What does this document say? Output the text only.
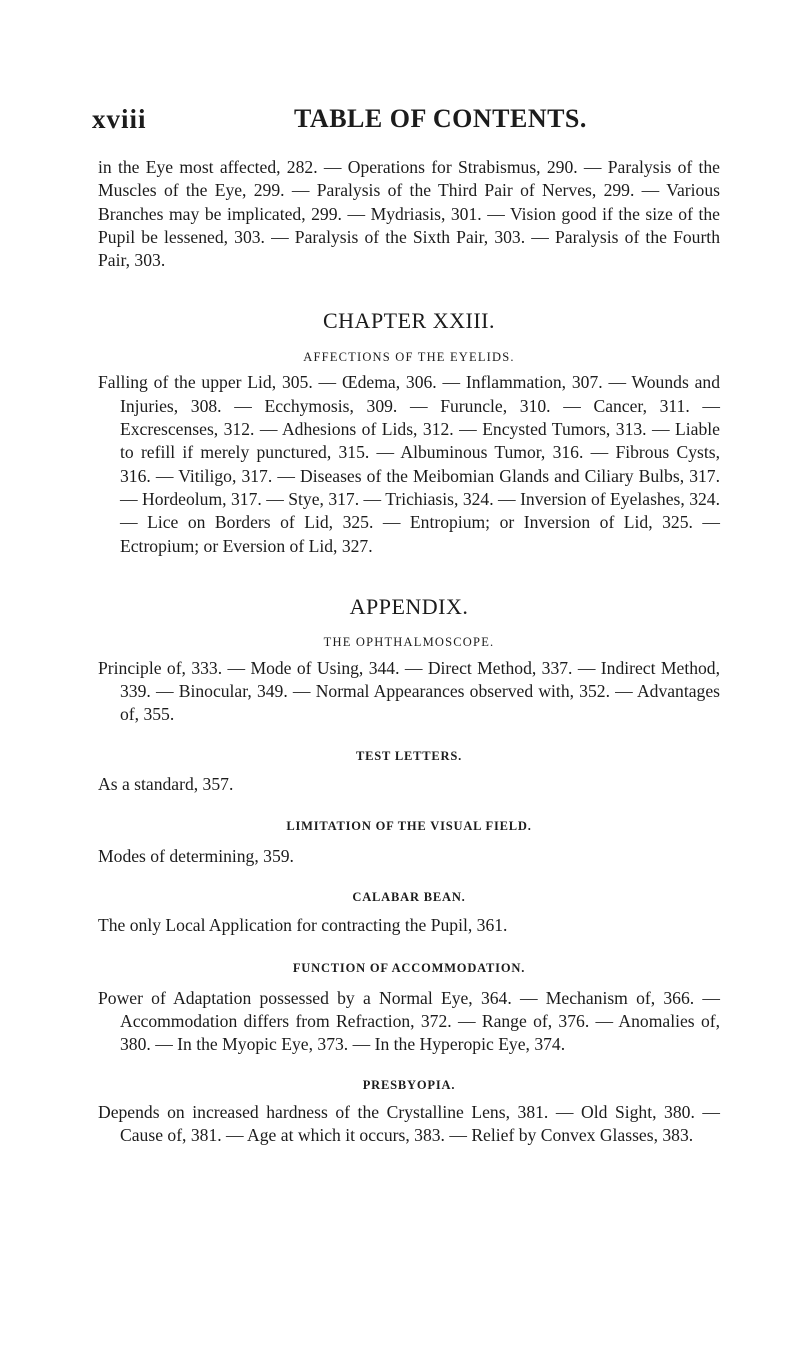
xviii	TABLE OF CONTENTS.

in the Eye most affected, 282. — Operations for Strabismus, 290. — Paralysis of the Muscles of the Eye, 299. — Paralysis of the Third Pair of Nerves, 299. — Various Branches may be implicated, 299. — Mydriasis, 301. — Vision good if the size of the Pupil be lessened, 303. — Paralysis of the Sixth Pair, 303. — Paralysis of the Fourth Pair, 303.

CHAPTER XXIII.
AFFECTIONS OF THE EYELIDS.

Falling of the upper Lid, 305. — Œdema, 306. — Inflammation, 307. — Wounds and Injuries, 308. — Ecchymosis, 309. — Furuncle, 310. — Cancer, 311. — Excrescenses, 312. — Adhesions of Lids, 312. — Encysted Tumors, 313. — Liable to refill if merely punctured, 315. — Albuminous Tumor, 316. — Fibrous Cysts, 316. — Vitiligo, 317. — Diseases of the Meibomian Glands and Ciliary Bulbs, 317. — Hordeolum, 317. — Stye, 317. — Trichiasis, 324. — Inversion of Eyelashes, 324. — Lice on Borders of Lid, 325. — Entropium; or Inversion of Lid, 325. — Ectropium; or Eversion of Lid, 327.

APPENDIX.
THE OPHTHALMOSCOPE.

Principle of, 333. — Mode of Using, 344. — Direct Method, 337. — Indirect Method, 339. — Binocular, 349. — Normal Appearances observed with, 352. — Advantages of, 355.

TEST LETTERS.

As a standard, 357.

LIMITATION OF THE VISUAL FIELD.

Modes of determining, 359.

CALABAR BEAN.

The only Local Application for contracting the Pupil, 361.

FUNCTION OF ACCOMMODATION.

Power of Adaptation possessed by a Normal Eye, 364. — Mechanism of, 366. — Accommodation differs from Refraction, 372. — Range of, 376. — Anomalies of, 380. — In the Myopic Eye, 373. — In the Hyperopic Eye, 374.

PRESBYOPIA.

Depends on increased hardness of the Crystalline Lens, 381. — Old Sight, 380. — Cause of, 381. — Age at which it occurs, 383. — Relief by Convex Glasses, 383.
